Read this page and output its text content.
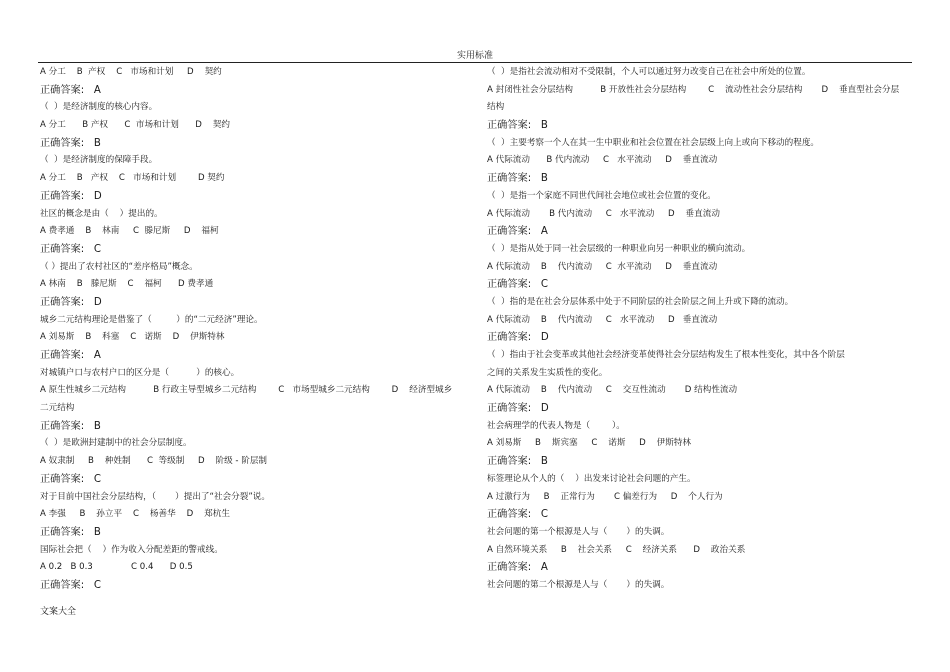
实用标准
A 分工    B  产权    C   市场和计划     D    契约
正确答案:   A
（  ）是经济制度的核心内容。
A 分工      B 产权      C  市场和计划      D    契约
正确答案:   B
（  ）是经济制度的保障手段。
A 分工    B   产权    C   市场和计划        D 契约
正确答案:   D
社区的概念是由（    ）提出的。
A 费孝通    B    林南     C  滕尼斯     D    福柯
正确答案:   C
（ ）提出了农村社区的“差序格局”概念。
A 林南    B   滕尼斯    C    福柯      D 费孝通
正确答案:   D
城乡二元结构理论是借鉴了（         ）的“二元经济”理论。
A 刘易斯    B    科塞    C   诺斯    D    伊斯特林
正确答案:   A
对城镇户口与农村户口的区分是（          ）的核心。
A 原生性城乡二元结构          B 行政主导型城乡二元结构        C   市场型城乡二元结构        D    经济型城乡
二元结构
正确答案:   B
（  ）是欧洲封建制中的社会分层制度。
A 奴隶制     B    种姓制      C  等级制     D    阶级 - 阶层制
正确答案:   C
对于目前中国社会分层结构，（       ）提出了“社会分裂”说。
A 李强     B    孙立平    C    杨善华    D    郑杭生
正确答案:   B
国际社会把（    ）作为收入分配差距的警戒线。
A 0.2   B 0.3              C 0.4      D 0.5
正确答案:   C
（  ）是指社会流动相对不受限制，个人可以通过努力改变自己在社会中所处的位置。
A 封闭性社会分层结构          B 开放性社会分层结构        C    流动性社会分层结构       D    垂直型社会分层
结构
正确答案:   B
（  ）主要考察一个人在其一生中职业和社会位置在社会层级上向上或向下移动的程度。
A 代际流动      B 代内流动     C   水平流动     D    垂直流动
正确答案:   B
（  ）是指一个家庭不同世代间社会地位或社会位置的变化。
A 代际流动       B 代内流动     C   水平流动     D    垂直流动
正确答案:   A
（  ）是指从处于同一社会层级的一种职业向另一种职业的横向流动。
A 代际流动    B    代内流动     C  水平流动     D    垂直流动
正确答案:   C
（  ）指的是在社会分层体系中处于不同阶层的社会阶层之间上升或下降的流动。
A 代际流动    B    代内流动     C   水平流动     D   垂直流动
正确答案:   D
（  ）指由于社会变革或其他社会经济变革使得社会分层结构发生了根本性变化，其中各个阶层
之间的关系发生实质性的变化。
A 代际流动    B    代内流动     C    交互性流动       D 结构性流动
正确答案:   D
社会病理学的代表人物是（        ）。
A 刘易斯     B    斯宾塞     C    诺斯     D    伊斯特林
正确答案:   B
标签理论从个人的（    ）出发来讨论社会问题的产生。
A 过激行为     B    正常行为       C 偏差行为     D    个人行为
正确答案:   C
社会问题的第一个根源是人与（       ）的失调。
A 自然环境关系     B    社会关系     C    经济关系      D    政治关系
正确答案:   A
社会问题的第二个根源是人与（       ）的失调。
文案大全
